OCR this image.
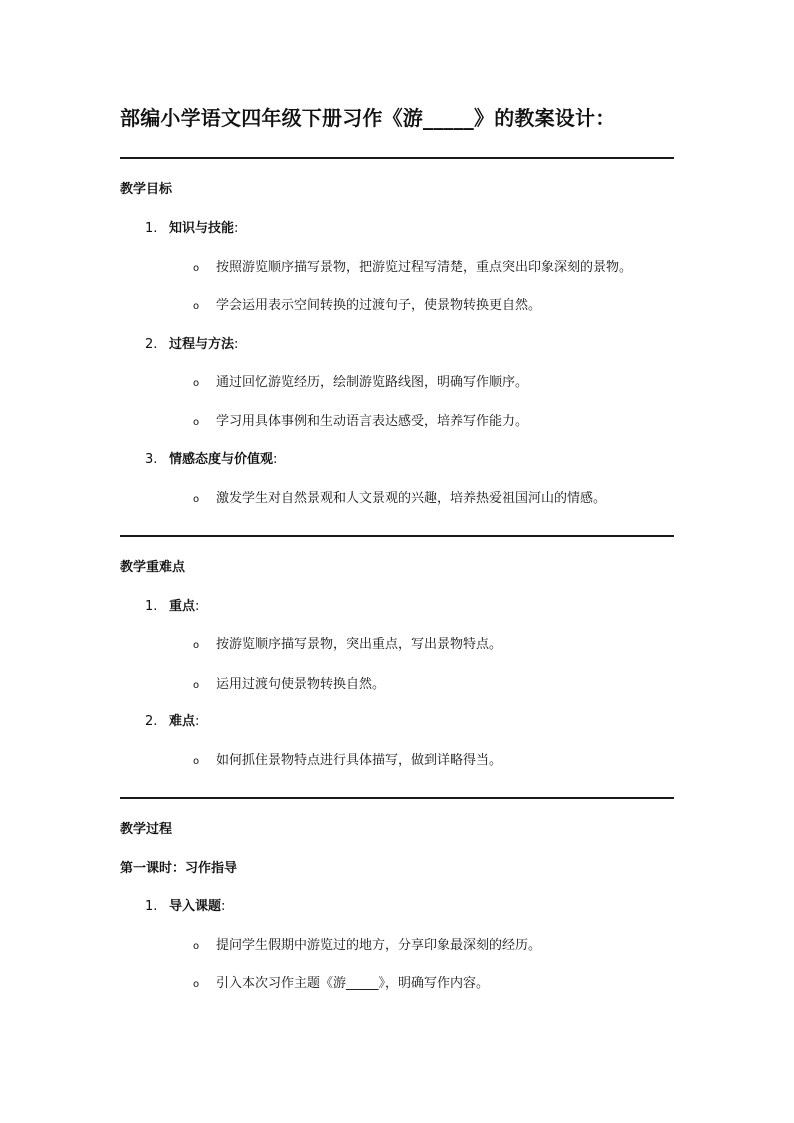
部编小学语文四年级下册习作《游_____》的教案设计：
教学目标
1. 知识与技能:
o 按照游览顺序描写景物，把游览过程写清楚，重点突出印象深刻的景物。
o 学会运用表示空间转换的过渡句子，使景物转换更自然。
2. 过程与方法:
o 通过回忆游览经历，绘制游览路线图，明确写作顺序。
o 学习用具体事例和生动语言表达感受，培养写作能力。
3. 情感态度与价值观:
o 激发学生对自然景观和人文景观的兴趣，培养热爱祖国河山的情感。
教学重难点
1. 重点:
o 按游览顺序描写景物，突出重点，写出景物特点。
o 运用过渡句使景物转换自然。
2. 难点:
o 如何抓住景物特点进行具体描写，做到详略得当。
教学过程
第一课时：习作指导
1. 导入课题:
o 提问学生假期中游览过的地方，分享印象最深刻的经历。
o 引入本次习作主题《游_____》，明确写作内容。
